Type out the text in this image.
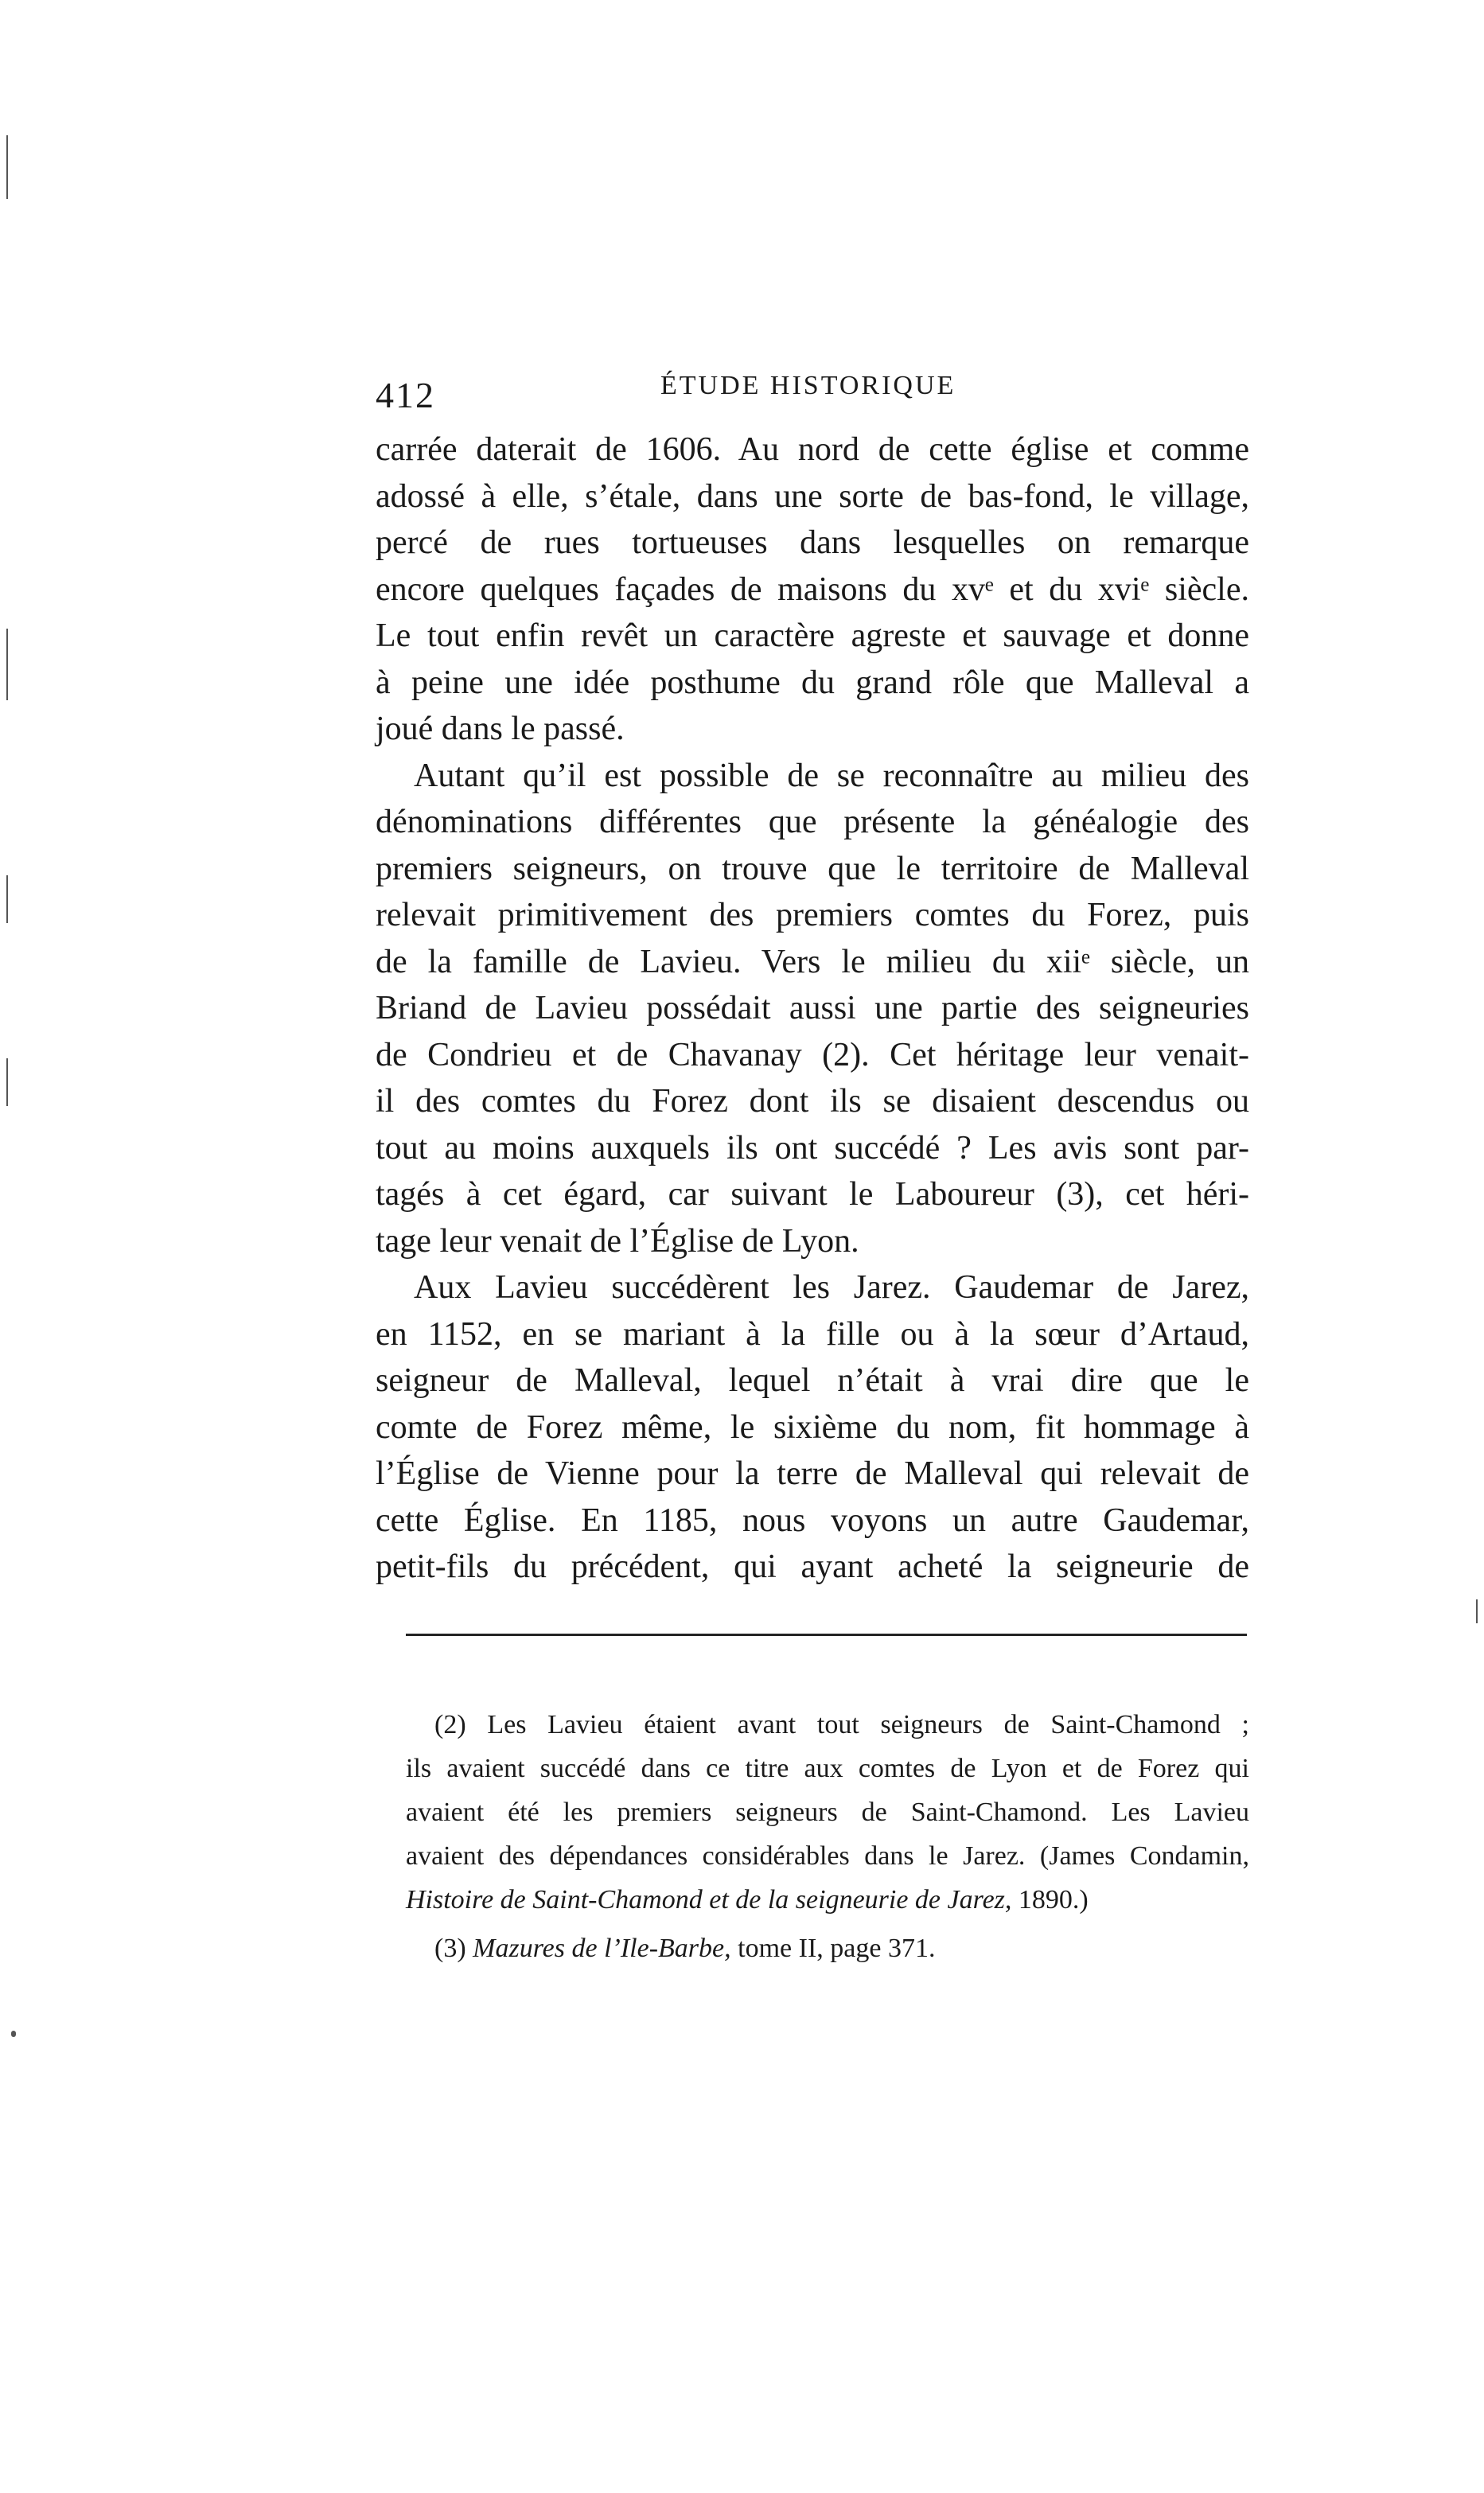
412	ÉTUDE HISTORIQUE
carrée daterait de 1606. Au nord de cette église et comme
adossé à elle, s’étale, dans une sorte de bas-fond, le village,
percé de rues tortueuses dans lesquelles on remarque
encore quelques façades de maisons du xvᵉ et du xviᵉ siècle.
Le tout enfin revêt un caractère agreste et sauvage et donne
à peine une idée posthume du grand rôle que Malleval a
joué dans le passé.
Autant qu’il est possible de se reconnaître au milieu des
dénominations différentes que présente la généalogie des
premiers seigneurs, on trouve que le territoire de Malleval
relevait primitivement des premiers comtes du Forez, puis
de la famille de Lavieu. Vers le milieu du xiiᵉ siècle, un
Briand de Lavieu possédait aussi une partie des seigneuries
de Condrieu et de Chavanay (2). Cet héritage leur venait-
il des comtes du Forez dont ils se disaient descendus ou
tout au moins auxquels ils ont succédé ? Les avis sont par-
tagés à cet égard, car suivant le Laboureur (3), cet héri-
tage leur venait de l’Église de Lyon.
Aux Lavieu succédèrent les Jarez. Gaudemar de Jarez,
en 1152, en se mariant à la fille ou à la sœur d’Artaud,
seigneur de Malleval, lequel n’était à vrai dire que le
comte de Forez même, le sixième du nom, fit hommage à
l’Église de Vienne pour la terre de Malleval qui relevait de
cette Église. En 1185, nous voyons un autre Gaudemar,
petit-fils du précédent, qui ayant acheté la seigneurie de
(2) Les Lavieu étaient avant tout seigneurs de Saint-Chamond ;
ils avaient succédé dans ce titre aux comtes de Lyon et de Forez qui
avaient été les premiers seigneurs de Saint-Chamond. Les Lavieu
avaient des dépendances considérables dans le Jarez. (James Condamin,
Histoire de Saint-Chamond et de la seigneurie de Jarez, 1890.)
(3) Mazures de l’Ile-Barbe, tome II, page 371.
